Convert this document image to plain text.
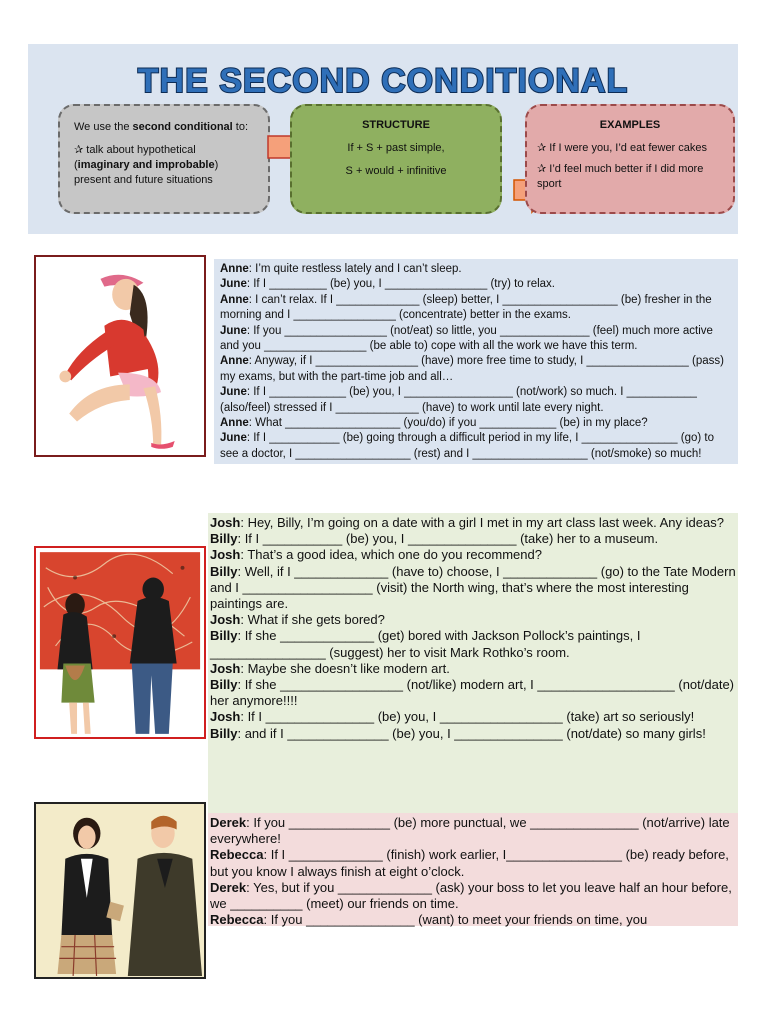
THE SECOND CONDITIONAL

We use the second conditional to:

✰ talk about hypothetical (imaginary and improbable) present and future situations

STRUCTURE
If + S + past simple,
S + would + infinitive
EXAMPLES
✰ If I were you, I’d eat fewer cakes
✰ I’d feel much better if I did more sport
Anne: I’m quite restless lately and I can’t sleep.
June: If I _________ (be) you, I ________________ (try) to relax.
Anne: I can’t relax. If I _____________ (sleep) better, I __________________ (be) fresher in the morning and I ________________ (concentrate) better in the exams.
June: If you ________________ (not/eat) so little, you ______________ (feel) much more active and you ________________ (be able to) cope with all the work we have this term.
Anne: Anyway, if I ________________ (have) more free time to study, I ________________ (pass) my exams, but with the part-time job and all…
June: If I ____________ (be) you, I _________________ (not/work) so much. I ___________ (also/feel) stressed if I _____________ (have) to work until late every night.
Anne: What __________________ (you/do) if you ____________ (be) in my place?
June: If I ___________ (be) going through a difficult period in my life, I _______________ (go) to see a doctor, I __________________ (rest) and I __________________ (not/smoke) so much!
Josh: Hey, Billy, I’m going on a date with a girl I met in my art class last week. Any ideas?
Billy: If I ___________ (be) you, I _______________ (take) her to a museum.
Josh: That’s a good idea, which one do you recommend?
Billy: Well, if I _____________ (have to) choose, I _____________ (go) to the Tate Modern and I __________________ (visit) the North wing, that’s where the most interesting paintings are.
Josh: What if she gets bored?
Billy: If she _____________ (get) bored with Jackson Pollock’s paintings, I ________________ (suggest) her to visit Mark Rothko’s room.
Josh: Maybe she doesn’t like modern art.
Billy: If she _________________ (not/like) modern art, I ___________________ (not/date) her anymore!!!!
Josh: If I _______________ (be) you, I _________________ (take) art so seriously!
Billy: and if I ______________ (be) you, I _______________ (not/date) so many girls!
Derek: If you ______________ (be) more punctual, we _______________ (not/arrive) late everywhere!
Rebecca: If I _____________ (finish) work earlier, I________________ (be) ready before, but you know I always finish at eight o’clock.
Derek: Yes, but if you _____________ (ask) your boss to let you leave half an hour before, we __________ (meet) our friends on time.
Rebecca: If you _______________ (want) to meet your friends on time, you
